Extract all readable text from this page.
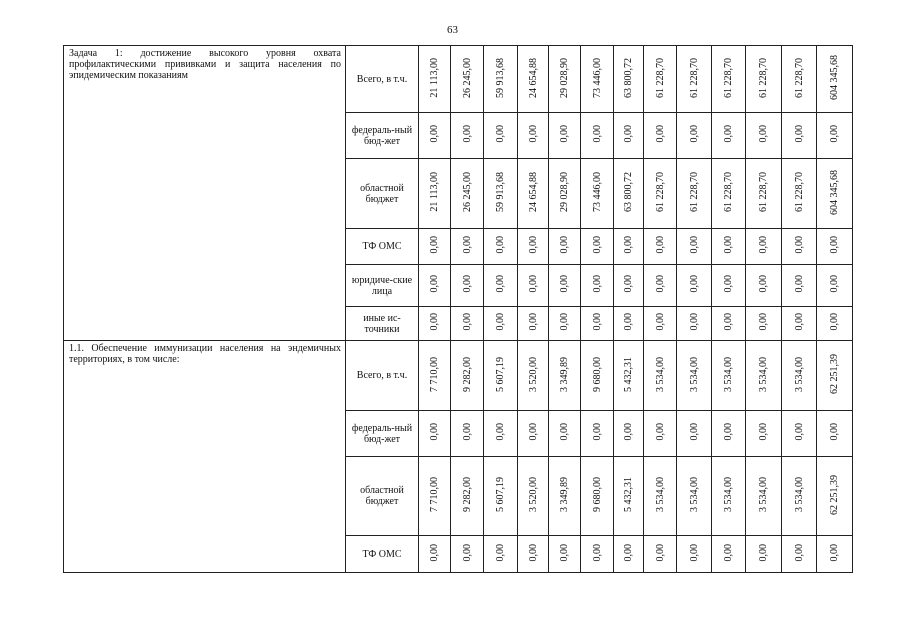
63
Задача 1: достижение высокого уровня охвата профилактическими прививками и защита населения по эпидемическим показаниям	Всего, в т.ч.	21 113,00	26 245,00	59 913,68	24 654,88	29 028,90	73 446,00	63 800,72	61 228,70	61 228,70	61 228,70	61 228,70	61 228,70	604 345,68
	федераль-ный бюд-жет	0,00	0,00	0,00	0,00	0,00	0,00	0,00	0,00	0,00	0,00	0,00	0,00	0,00
	областной бюджет	21 113,00	26 245,00	59 913,68	24 654,88	29 028,90	73 446,00	63 800,72	61 228,70	61 228,70	61 228,70	61 228,70	61 228,70	604 345,68
	ТФ ОМС	0,00	0,00	0,00	0,00	0,00	0,00	0,00	0,00	0,00	0,00	0,00	0,00	0,00
	юридиче-ские лица	0,00	0,00	0,00	0,00	0,00	0,00	0,00	0,00	0,00	0,00	0,00	0,00	0,00
	иные ис-точники	0,00	0,00	0,00	0,00	0,00	0,00	0,00	0,00	0,00	0,00	0,00	0,00	0,00
1.1. Обеспечение иммунизации населения на эндемичных территориях, в том числе:	Всего, в т.ч.	7 710,00	9 282,00	5 607,19	3 520,00	3 349,89	9 680,00	5 432,31	3 534,00	3 534,00	3 534,00	3 534,00	3 534,00	62 251,39
	федераль-ный бюд-жет	0,00	0,00	0,00	0,00	0,00	0,00	0,00	0,00	0,00	0,00	0,00	0,00	0,00
	областной бюджет	7 710,00	9 282,00	5 607,19	3 520,00	3 349,89	9 680,00	5 432,31	3 534,00	3 534,00	3 534,00	3 534,00	3 534,00	62 251,39
	ТФ ОМС	0,00	0,00	0,00	0,00	0,00	0,00	0,00	0,00	0,00	0,00	0,00	0,00	0,00
